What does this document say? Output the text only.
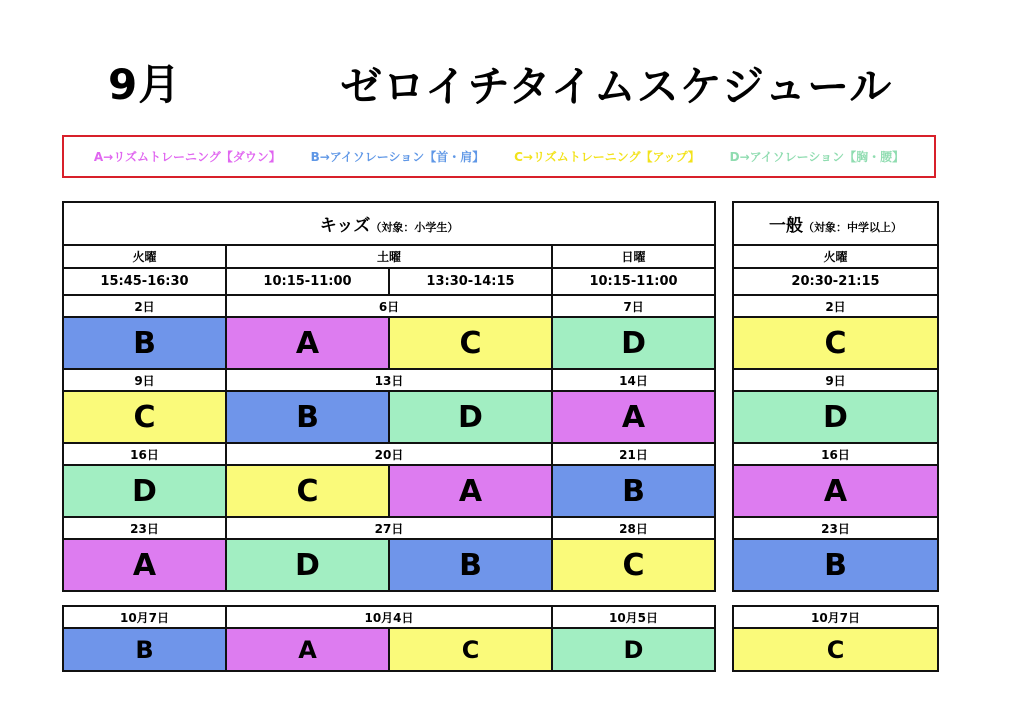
9月	ゼロイチタイムスケジュール
A→リズムトレーニング【ダウン】 B→アイソレーション【首・肩】 C→リズムトレーニング【アップ】 D→アイソレーション【胸・腰】
キッズ（対象：小学生）			
火曜	土曜		日曜
15:45-16:30	10:15-11:00	13:30-14:15	10:15-11:00
2日	6日		7日
B	A	C	D
9日	13日		14日
C	B	D	A
16日	20日		21日
D	C	A	B
23日	27日		28日
A	D	B	C
一般（対象：中学以上）
火曜
20:30-21:15
2日
C
9日
D
16日
A
23日
B
10月7日	10月4日		10月5日
B	A	C	D
10月7日
C
